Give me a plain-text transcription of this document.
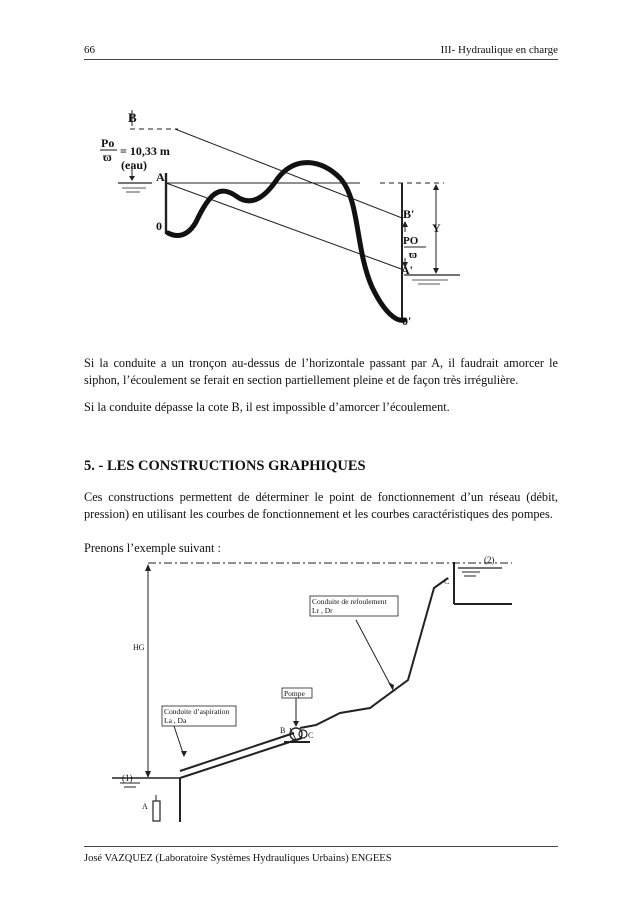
66	III- Hydraulique en charge
B
Po
ϖ = 10,33 m
(eau)
A
0
B'
Y
PO
ϖ
A'
0'

Si la conduite a un tronçon au-dessus de l’horizontale passant par A, il faudrait amorcer le siphon, l’écoulement se ferait en section partiellement pleine et de façon très irrégulière.

Si la conduite dépasse la cote B, il est impossible d’amorcer l’écoulement.

5. - LES CONSTRUCTIONS GRAPHIQUES

Ces constructions permettent de déterminer le point de fonctionnement d’un réseau (débit, pression) en utilisant les courbes de fonctionnement et les courbes caractéristiques des pompes.

Prenons l’exemple suivant :

(2)
C
Conduite de refoulement
Lr , Dr
HG
Pompe
Conduite d’aspiration
La , Da
B
C
(1)
A
José VAZQUEZ (Laboratoire Systèmes Hydrauliques Urbains) ENGEES
